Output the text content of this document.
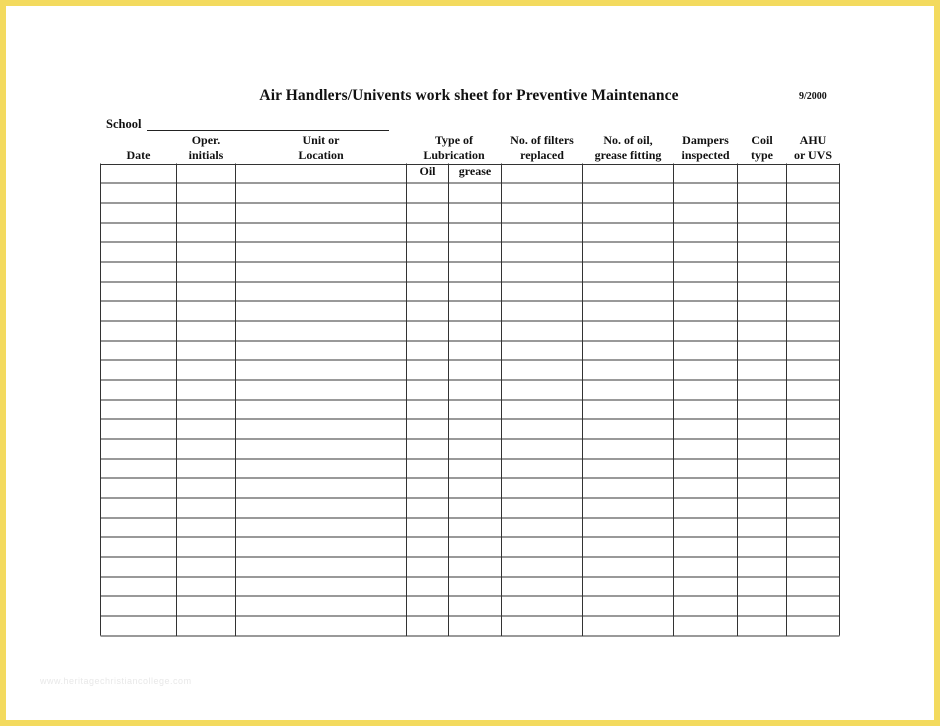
Air Handlers/Univents work sheet for Preventive Maintenance	9/2000
School
Date
Oper.
initials
Unit or
Location
Type of
Lubrication
No. of filters
replaced
No. of oil,
grease fitting
Dampers
inspected
Coil
type
AHU
or UVS
www.heritagechristiancollege.com
